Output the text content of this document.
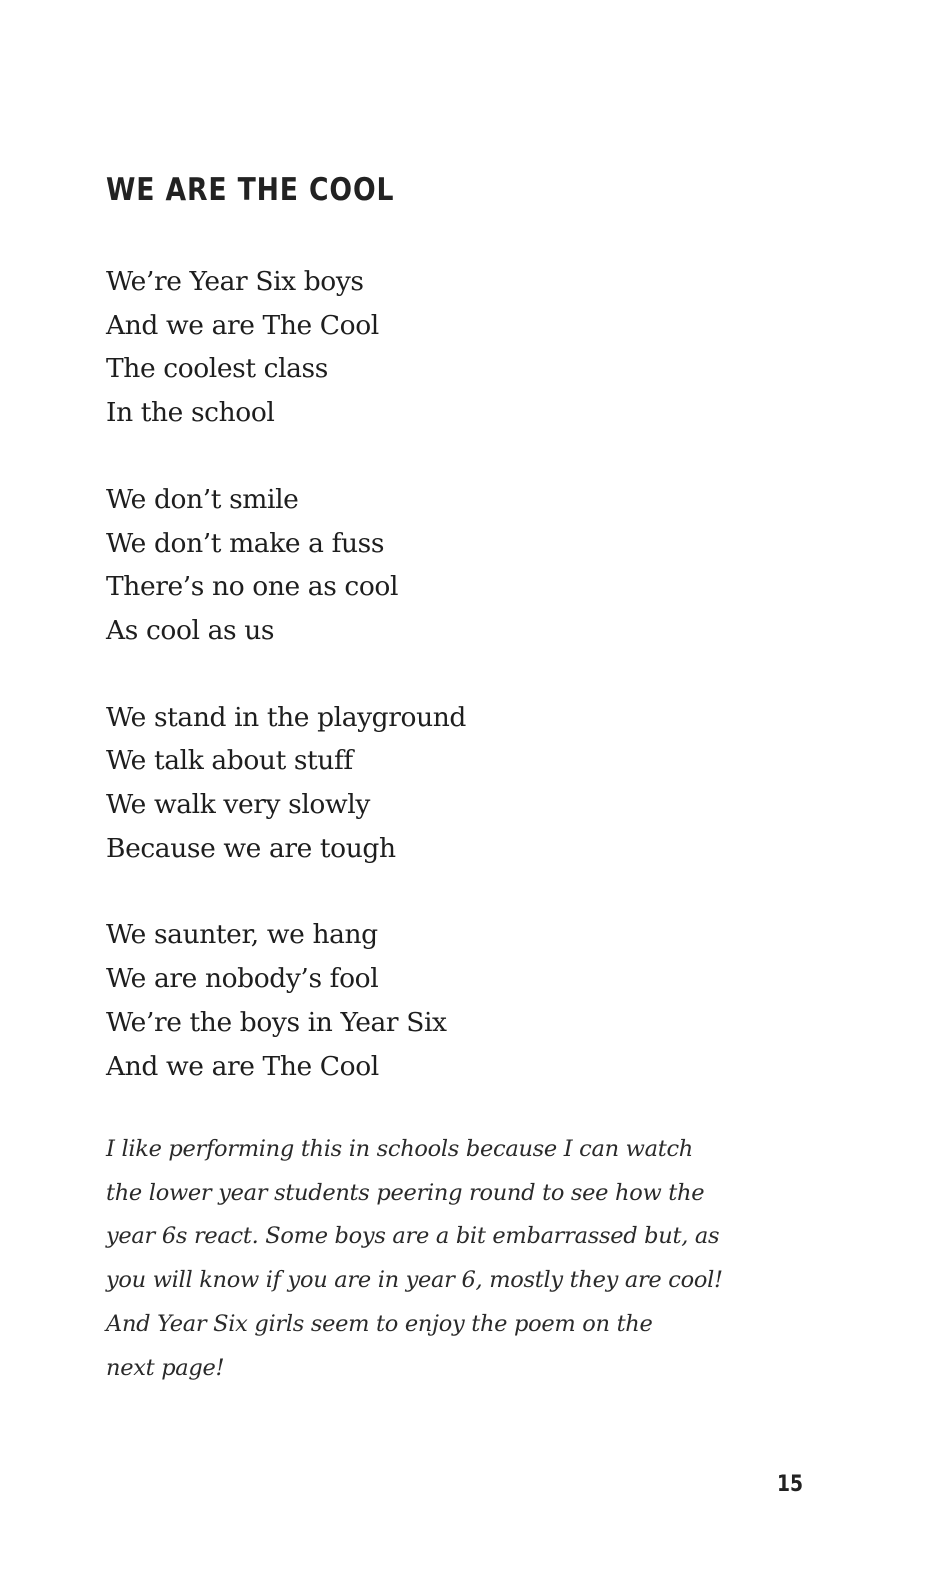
WE ARE THE COOL
We’re Year Six boys
And we are The Cool
The coolest class
In the school
We don’t smile
We don’t make a fuss
There’s no one as cool
As cool as us
We stand in the playground
We talk about stuff
We walk very slowly
Because we are tough
We saunter, we hang
We are nobody’s fool
We’re the boys in Year Six
And we are The Cool
I like performing this in schools because I can watch
the lower year students peering round to see how the
year 6s react. Some boys are a bit embarrassed but, as
you will know if you are in year 6, mostly they are cool!
And Year Six girls seem to enjoy the poem on the
next page!
15
